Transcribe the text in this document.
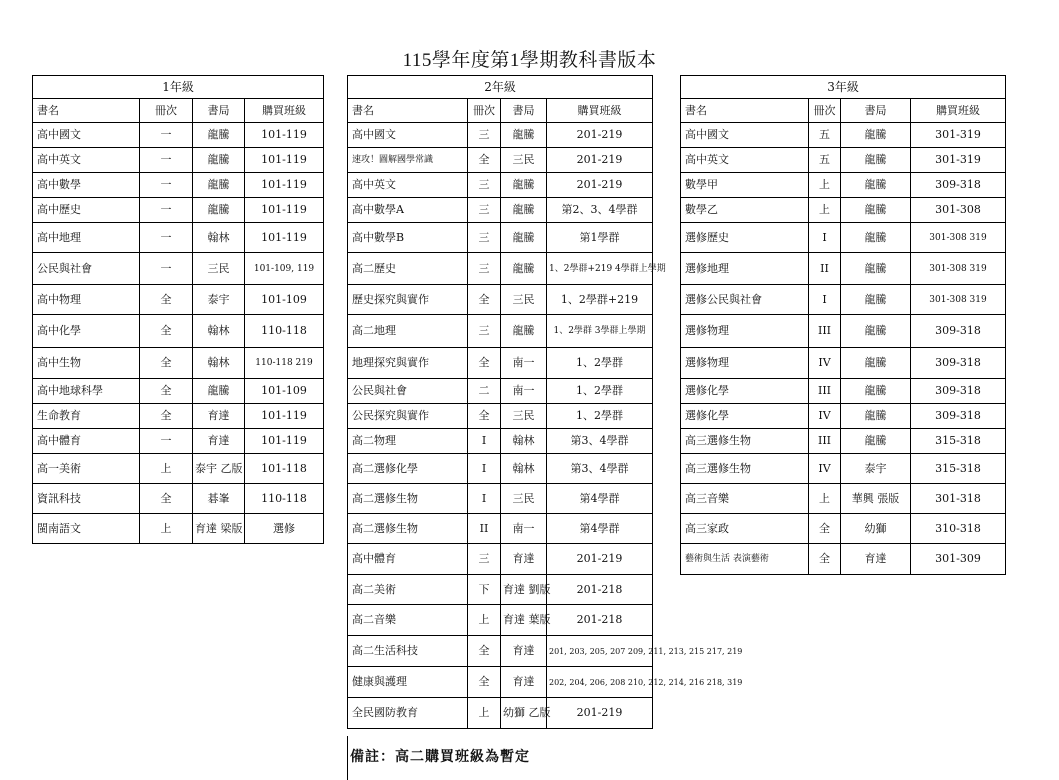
115學年度第1學期教科書版本
1年級			
書名	冊次	書局	購買班級
高中國文	一	龍騰	101-119
高中英文	一	龍騰	101-119
高中數學	一	龍騰	101-119
高中歷史	一	龍騰	101-119
高中地理	一	翰林	101-119
公民與社會	一	三民	101-109, 119
高中物理	全	泰宇	101-109
高中化學	全	翰林	110-118
高中生物	全	翰林	110-118 219
高中地球科學	全	龍騰	101-109
生命教育	全	育達	101-119
高中體育	一	育達	101-119
高一美術	上	泰宇 乙版	101-118
資訊科技	全	碁峯	110-118
閩南語文	上	育達 梁版	選修
2年級			
書名	冊次	書局	購買班級
高中國文	三	龍騰	201-219
速攻！圖解國學常識	全	三民	201-219
高中英文	三	龍騰	201-219
高中數學A	三	龍騰	第2、3、4學群
高中數學B	三	龍騰	第1學群
高二歷史	三	龍騰	1、2學群+219 4學群上學期
歷史探究與實作	全	三民	1、2學群+219
高二地理	三	龍騰	1、2學群 3學群上學期
地理探究與實作	全	南一	1、2學群
公民與社會	二	南一	1、2學群
公民探究與實作	全	三民	1、2學群
高二物理	I	翰林	第3、4學群
高二選修化學	I	翰林	第3、4學群
高二選修生物	I	三民	第4學群
高二選修生物	II	南一	第4學群
高中體育	三	育達	201-219
高二美術	下	育達 劉版	201-218
高二音樂	上	育達 葉版	201-218
高二生活科技	全	育達	201, 203, 205, 207 209, 211, 213, 215 217, 219
健康與護理	全	育達	202, 204, 206, 208 210, 212, 214, 216 218, 319
全民國防教育	上	幼獅 乙版	201-219
3年級			
書名	冊次	書局	購買班級
高中國文	五	龍騰	301-319
高中英文	五	龍騰	301-319
數學甲	上	龍騰	309-318
數學乙	上	龍騰	301-308
選修歷史	I	龍騰	301-308 319
選修地理	II	龍騰	301-308 319
選修公民與社會	I	龍騰	301-308 319
選修物理	III	龍騰	309-318
選修物理	IV	龍騰	309-318
選修化學	III	龍騰	309-318
選修化學	IV	龍騰	309-318
高三選修生物	III	龍騰	315-318
高三選修生物	IV	泰宇	315-318
高三音樂	上	華興 張版	301-318
高三家政	全	幼獅	310-318
藝術與生活 表演藝術	全	育達	301-309
備註：高二購買班級為暫定
